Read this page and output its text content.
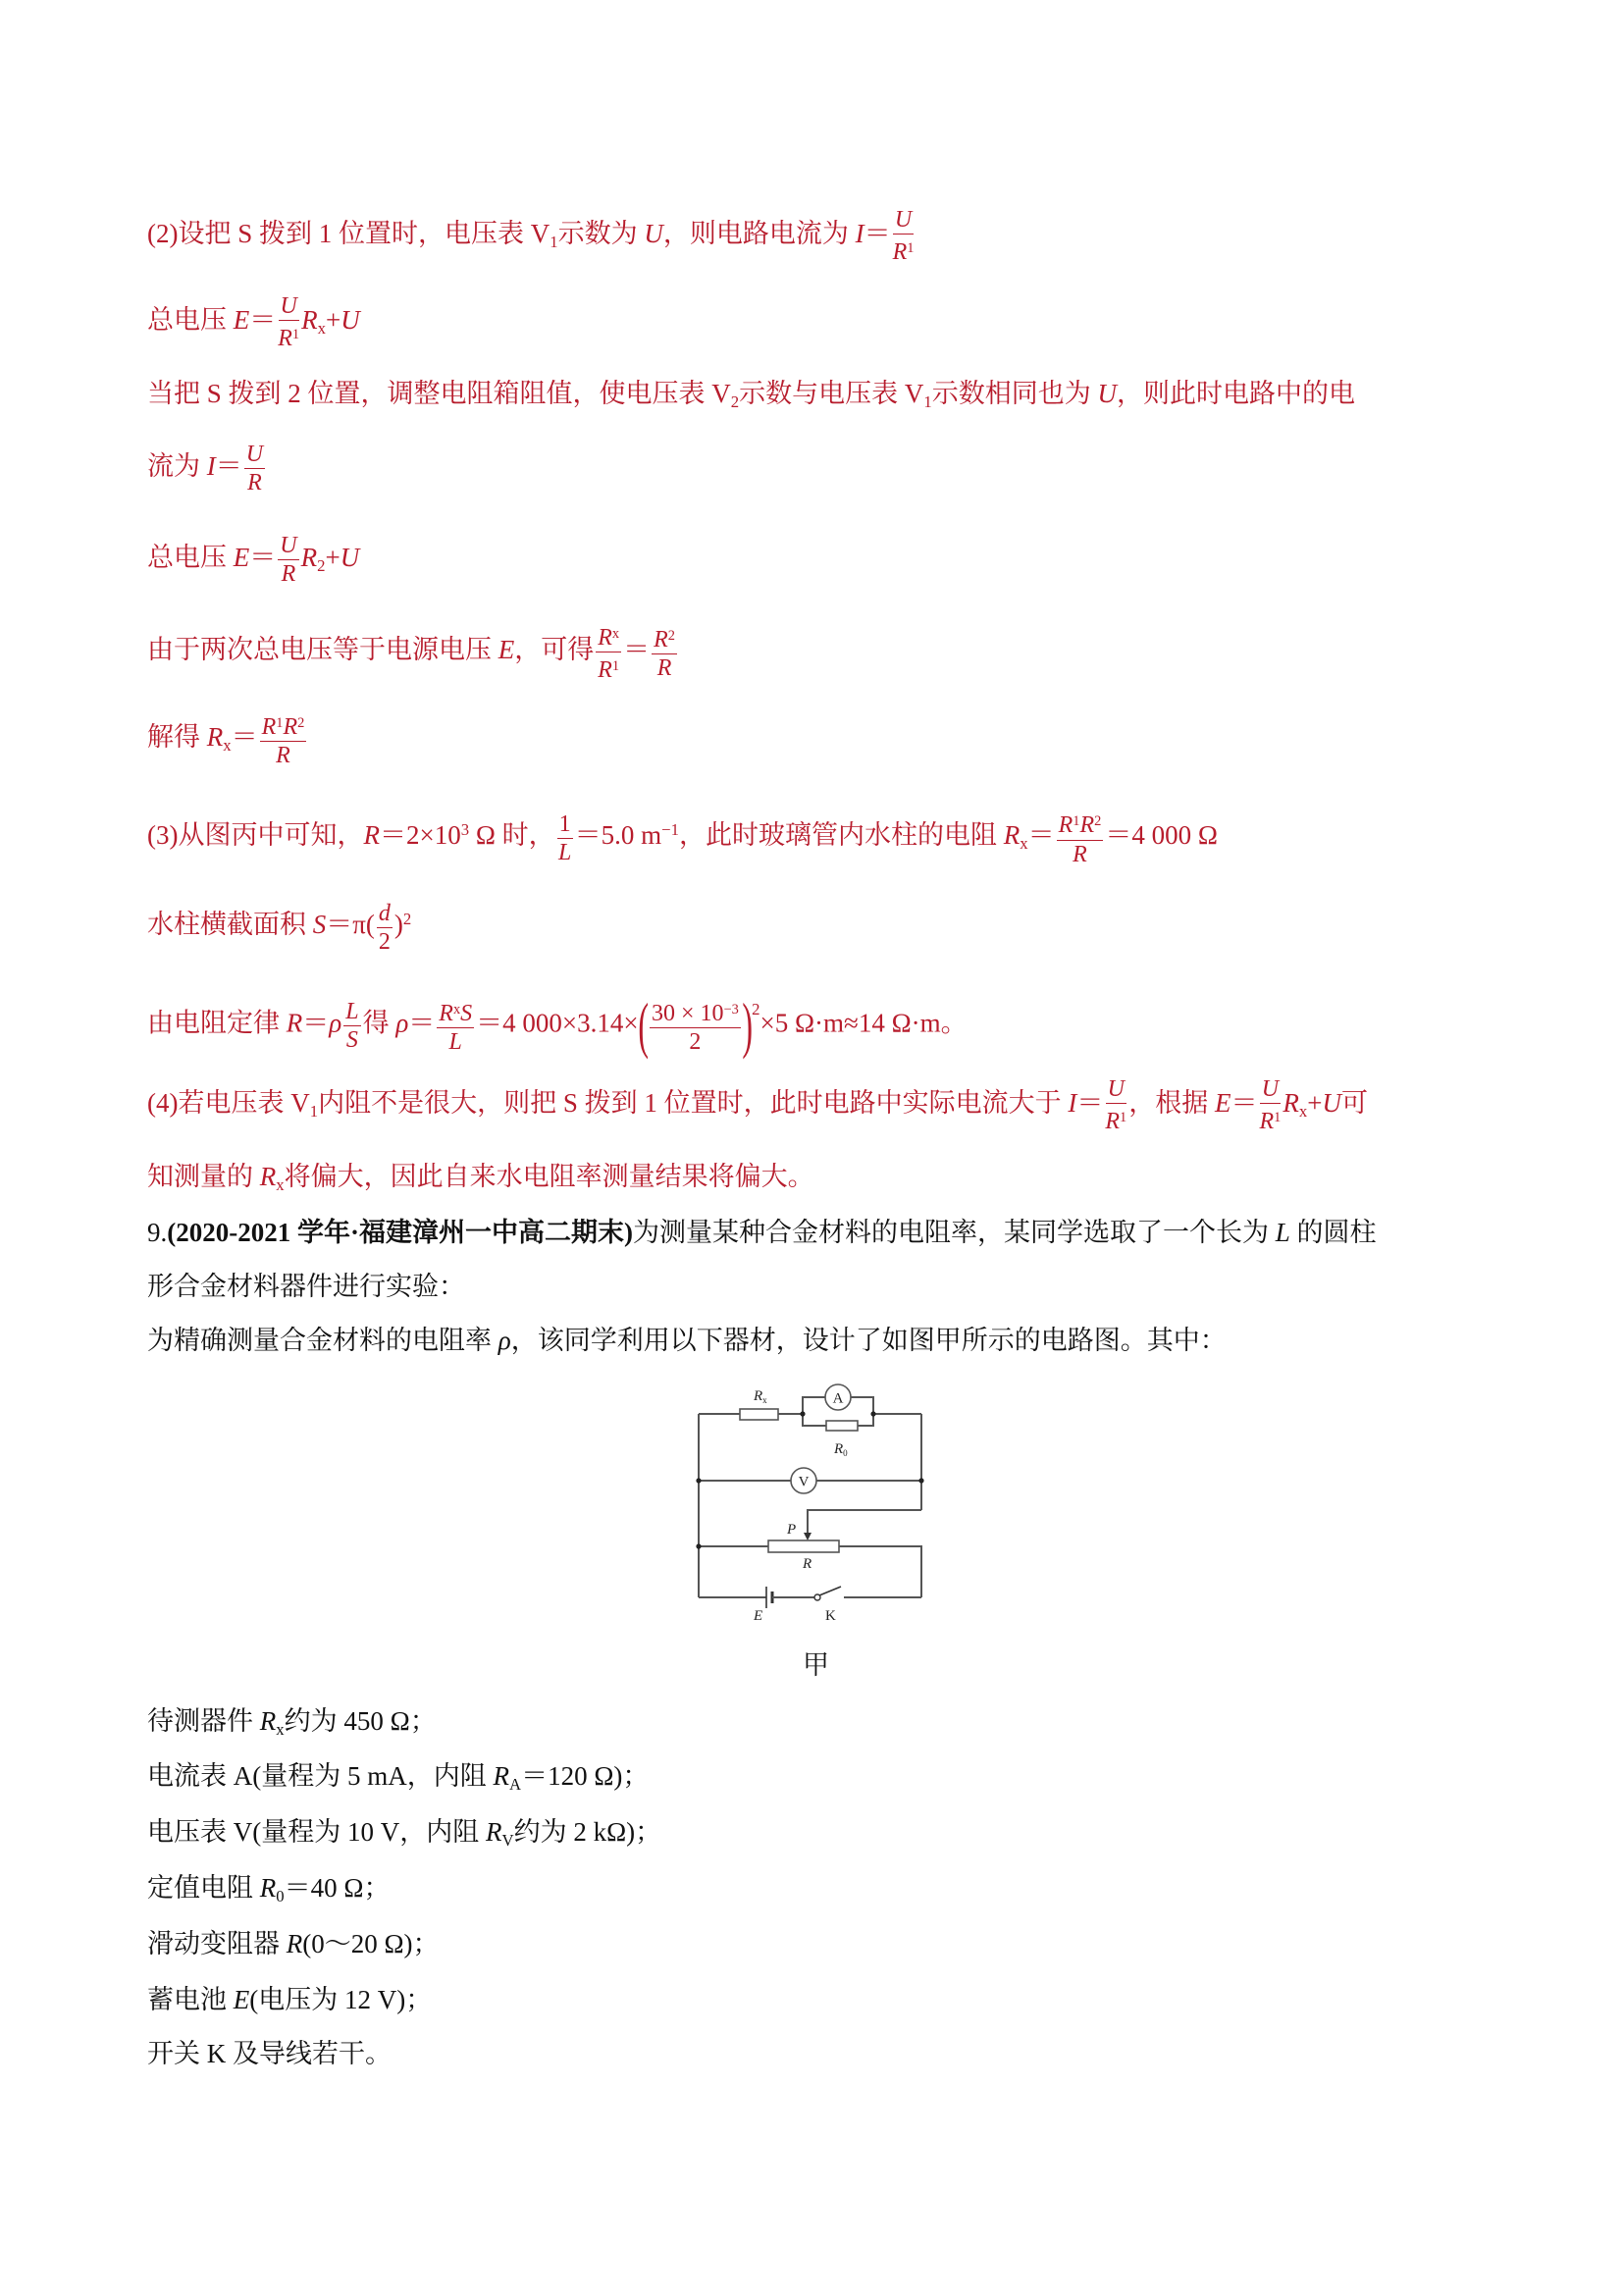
(2)设把 S 拨到 1 位置时，电压表 $V_1$示数为 U，则电路电流为 $I= \frac{U}{R^1}$
总电压 $E= \frac{U}{R^1} R_x+U$
当把 S 拨到 2 位置，调整电阻箱阻值，使电压表 $V_2$示数与电压表 $V_1$示数相同也为 U，则此时电路中的电
流为 $I= \frac{U}{R}$
总电压 $E= \frac{U}{R} R_2+U$
由于两次总电压等于电源电压 E，可得 $\frac{R^x}{R^1} = \frac{R^2}{R}$
解得 $R_x= \frac{R^1R^2}{R}$
(3)从图丙中可知，$R=2\times 10^3$ Ω 时， $\frac{1}{L} =5.0$ $m^{-1}$，此时玻璃管内水柱的电阻 $R_x= \frac{R^1R^2}{R} =4$ 000 Ω
水柱横截面积 $S=\pi( \frac{d}{2} )^2$
由电阻定律 $R=\rho \frac{L}{S}$ 得 $\rho= \frac{R^xS}{L} =4$ $000\times 3.14\times( \frac{30 \times 10^{-3}}{2} )^2\times 5$ Ω·m≈14 Ω·m。
(4)若电压表 $V_1$内阻不是很大，则把 S 拨到 1 位置时，此时电路中实际电流大于 $I= \frac{U}{R^1}$ ，根据 $E= \frac{U}{R^1} R_x+U$可
知测量的 $R_x$将偏大，因此自来水电阻率测量结果将偏大。
9.(2020-2021 学年·福建漳州一中高二期末)为测量某种合金材料的电阻率，某同学选取了一个长为 L 的圆柱
形合金材料器件进行实验：
为精确测量合金材料的电阻率 ρ，该同学利用以下器材，设计了如图甲所示的电路图。其中：
$R_x$	A
$R_0$
V
P
R
E	K
甲
待测器件 $R_x$约为 450 Ω；
电流表 A(量程为 5 mA，内阻 $R_A=120$ Ω)；
电压表 V(量程为 10 V，内阻 $R_V$约为 2 kΩ)；
定值电阻 $R_0=40$ Ω；
滑动变阻器 R(0～20 Ω)；
蓄电池 E(电压为 12 V)；
开关 K 及导线若干。
